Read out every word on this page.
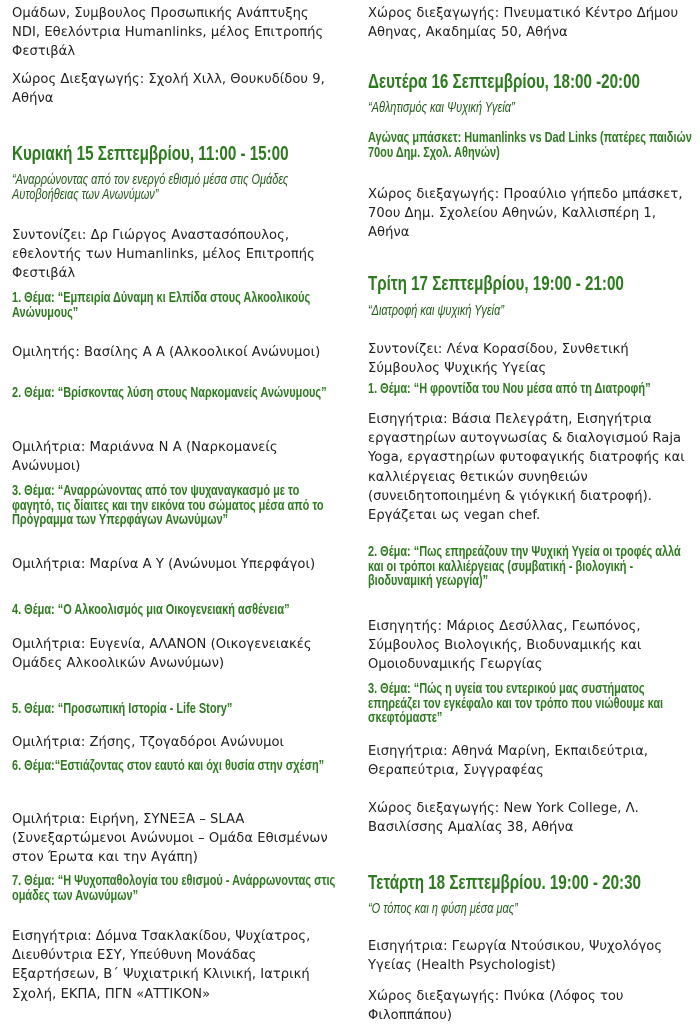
Ομάδων, Συμβουλος Προσωπικής Ανάπτυξης NDI, Εθελόντρια Humanlinks, μέλος Επιτροπής Φεστιβάλ

Χώρος Διεξαγωγής: Σχολή Χιλλ, Θουκυδίδου 9, Αθήνα

Κυριακή 15 Σεπτεμβρίου, 11:00 - 15:00

“Αναρρώνοντας από τον ενεργό εθισμό μέσα στις Ομάδες Αυτοβοήθειας των Ανωνύμων”

Συντονίζει: Δρ Γιώργος Αναστασόπουλος, εθελοντής των Humanlinks, μέλος Επιτροπής Φεστιβάλ

1. Θέμα: “Εμπειρία Δύναμη κι Ελπίδα στους Αλκοολικούς Ανώνυμους”

Ομιλητής: Βασίλης Α Α (Αλκοολικοί Ανώνυμοι)

2. Θέμα: “Βρίσκοντας λύση στους Ναρκομανείς Ανώνυμους”

Ομιλήτρια: Μαριάννα Ν Α (Ναρκομανείς Ανώνυμοι)

3. Θέμα: “Αναρρώνοντας από τον ψυχαναγκασμό με το φαγητό, τις δίαιτες και την εικόνα του σώματος μέσα από το Πρόγραμμα των Υπερφάγων Ανωνύμων”

Ομιλήτρια: Μαρίνα Α Υ (Ανώνυμοι Υπερφάγοι)

4. Θέμα: “Ο Αλκοολισμός μια Οικογενειακή ασθένεια”

Ομιλήτρια: Ευγενία, ΑΛΑΝΟΝ (Οικογενειακές Ομάδες Αλκοολικών Ανωνύμων)

5. Θέμα: “Προσωπική Ιστορία - Life Story”

Ομιλήτρια: Ζήσης, Τζογαδόροι Ανώνυμοι

6. Θέμα:“Εστιάζοντας στον εαυτό και όχι θυσία στην σχέση”

Ομιλήτρια: Ειρήνη, ΣΥΝΕΞΑ – SLAA (Συνεξαρτώμενοι Ανώνυμοι – Ομάδα Εθισμένων στον Έρωτα και την Αγάπη)

7. Θέμα: “Η Ψυχοπαθολογία του εθισμού - Ανάρρωνοντας στις ομάδες των Ανωνύμων”

Εισηγήτρια: Δόμνα Τσακλακίδου, Ψυχίατρος, Διευθύντρια ΕΣΥ, Υπεύθυνη Μονάδας Εξαρτήσεων, Β΄ Ψυχιατρική Κλινική, Ιατρική Σχολή, ΕΚΠΑ, ΠΓΝ «ΑΤΤΙΚΟΝ»

Χώρος διεξαγωγής: Πνευματικό Κέντρο Δήμου Αθηνας, Ακαδημίας 50, Αθήνα

Δευτέρα 16 Σεπτεμβρίου, 18:00 -20:00

“Αθλητισμός και Ψυχική Υγεία”

Αγώνας μπάσκετ: Humanlinks vs Dad Links (πατέρες παιδιών 70ου Δημ. Σχολ. Αθηνών)

Χώρος διεξαγωγής: Προαύλιο γήπεδο μπάσκετ, 70ου Δημ. Σχολείου Αθηνών, Καλλισπέρη 1, Αθήνα

Τρίτη 17 Σεπτεμβρίου, 19:00 - 21:00

“Διατροφή και ψυχική Υγεία”

Συντονίζει: Λένα Κορασίδου, Συνθετική Σύμβουλος Ψυχικής Υγείας

1. Θέμα: “Η φροντίδα του Νου μέσα από τη Διατροφή”

Εισηγήτρια: Βάσια Πελεγράτη, Εισηγήτρια εργαστηρίων αυτογνωσίας & διαλογισμού Raja Yoga, εργαστηρίων φυτοφαγικής διατροφής και καλλιέργειας θετικών συνηθειών (συνειδητοποιημένη & γιόγκική διατροφή). Εργάζεται ως vegan chef.

2. Θέμα: “Πως επηρεάζουν την Ψυχική Υγεία οι τροφές αλλά και οι τρόποι καλλιέργειας (συμβατική - βιολογική - βιοδυναμική γεωργία)”

Εισηγητής: Μάριος Δεσύλλας, Γεωπόνος, Σύμβουλος Βιολογικής, Βιοδυναμικής και Ομοιοδυναμικής Γεωργίας

3. Θέμα: “Πώς η υγεία του εντερικού μας συστήματος επηρεάζει τον εγκέφαλο και τον τρόπο που νιώθουμε και σκεφτόμαστε”

Εισηγήτρια: Αθηνά Μαρίνη, Εκπαιδεύτρια, Θεραπεύτρια, Συγγραφέας

Χώρος διεξαγωγής: New York College, Λ. Βασιλίσσης Αμαλίας 38, Αθήνα

Τετάρτη 18 Σεπτεμβρίου. 19:00 - 20:30

“Ο τόπος και η φύση μέσα μας”

Εισηγήτρια: Γεωργία Ντούσικου, Ψυχολόγος Υγείας (Health Psychologist)

Χώρος διεξαγωγής: Πνύκα (Λόφος του Φιλοππάπου)
